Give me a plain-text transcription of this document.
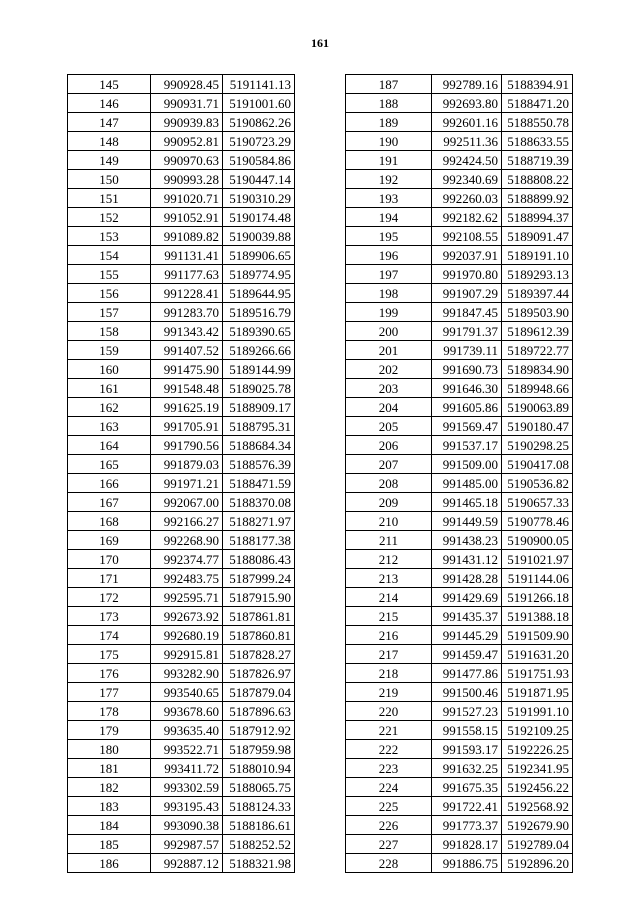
161
145	990928.45	5191141.13
146	990931.71	5191001.60
147	990939.83	5190862.26
148	990952.81	5190723.29
149	990970.63	5190584.86
150	990993.28	5190447.14
151	991020.71	5190310.29
152	991052.91	5190174.48
153	991089.82	5190039.88
154	991131.41	5189906.65
155	991177.63	5189774.95
156	991228.41	5189644.95
157	991283.70	5189516.79
158	991343.42	5189390.65
159	991407.52	5189266.66
160	991475.90	5189144.99
161	991548.48	5189025.78
162	991625.19	5188909.17
163	991705.91	5188795.31
164	991790.56	5188684.34
165	991879.03	5188576.39
166	991971.21	5188471.59
167	992067.00	5188370.08
168	992166.27	5188271.97
169	992268.90	5188177.38
170	992374.77	5188086.43
171	992483.75	5187999.24
172	992595.71	5187915.90
173	992673.92	5187861.81
174	992680.19	5187860.81
175	992915.81	5187828.27
176	993282.90	5187826.97
177	993540.65	5187879.04
178	993678.60	5187896.63
179	993635.40	5187912.92
180	993522.71	5187959.98
181	993411.72	5188010.94
182	993302.59	5188065.75
183	993195.43	5188124.33
184	993090.38	5188186.61
185	992987.57	5188252.52
186	992887.12	5188321.98
187	992789.16	5188394.91
188	992693.80	5188471.20
189	992601.16	5188550.78
190	992511.36	5188633.55
191	992424.50	5188719.39
192	992340.69	5188808.22
193	992260.03	5188899.92
194	992182.62	5188994.37
195	992108.55	5189091.47
196	992037.91	5189191.10
197	991970.80	5189293.13
198	991907.29	5189397.44
199	991847.45	5189503.90
200	991791.37	5189612.39
201	991739.11	5189722.77
202	991690.73	5189834.90
203	991646.30	5189948.66
204	991605.86	5190063.89
205	991569.47	5190180.47
206	991537.17	5190298.25
207	991509.00	5190417.08
208	991485.00	5190536.82
209	991465.18	5190657.33
210	991449.59	5190778.46
211	991438.23	5190900.05
212	991431.12	5191021.97
213	991428.28	5191144.06
214	991429.69	5191266.18
215	991435.37	5191388.18
216	991445.29	5191509.90
217	991459.47	5191631.20
218	991477.86	5191751.93
219	991500.46	5191871.95
220	991527.23	5191991.10
221	991558.15	5192109.25
222	991593.17	5192226.25
223	991632.25	5192341.95
224	991675.35	5192456.22
225	991722.41	5192568.92
226	991773.37	5192679.90
227	991828.17	5192789.04
228	991886.75	5192896.20
